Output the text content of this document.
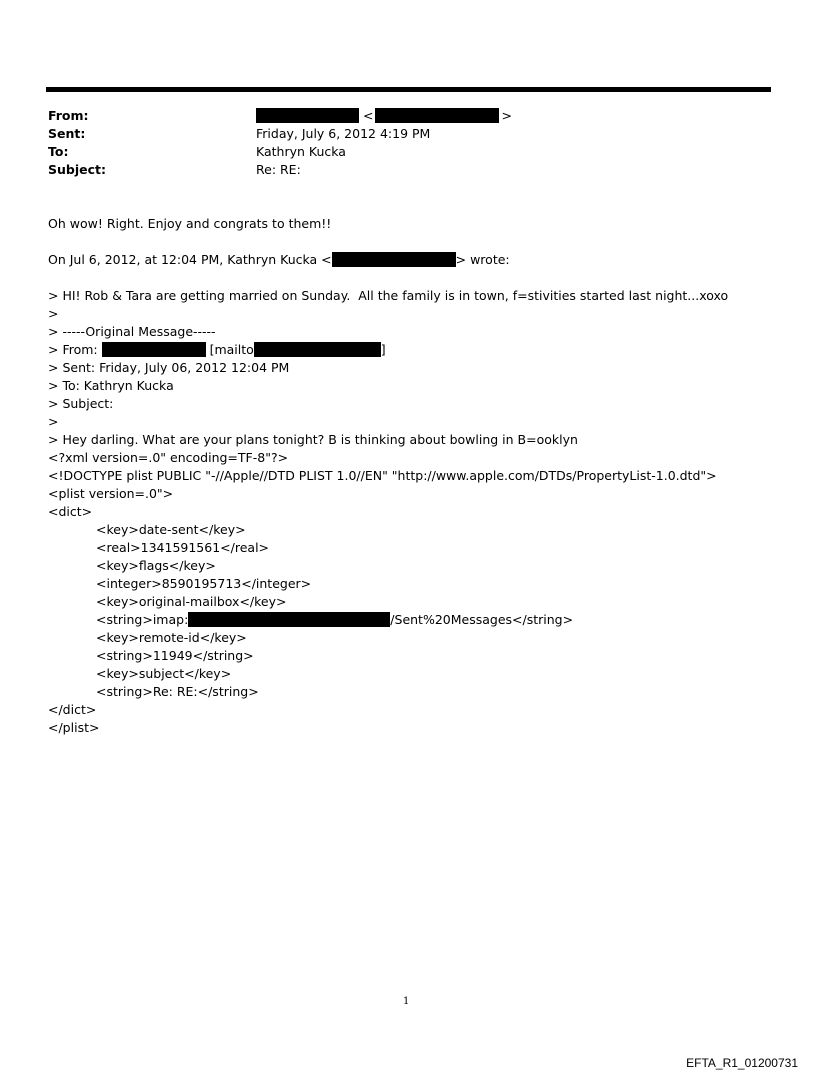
From:	<	>
Sent:	Friday, July 6, 2012 4:19 PM
To:	Kathryn Kucka
Subject:	Re: RE:
Oh wow! Right. Enjoy and congrats to them!!
On Jul 6, 2012, at 12:04 PM, Kathryn Kucka <	> wrote:
> HI! Rob & Tara are getting married on Sunday.  All the family is in town, f=stivities started last night...xoxo
>
> -----Original Message-----
> From:	[mailto	]
> Sent: Friday, July 06, 2012 12:04 PM
> To: Kathryn Kucka
> Subject:
>
> Hey darling. What are your plans tonight? B is thinking about bowling in B=ooklyn
<?xml version=.0" encoding=TF-8"?>
<!DOCTYPE plist PUBLIC "-//Apple//DTD PLIST 1.0//EN" "http://www.apple.com/DTDs/PropertyList-1.0.dtd">
<plist version=.0">
<dict>
<key>date-sent</key>
<real>1341591561</real>
<key>flags</key>
<integer>8590195713</integer>
<key>original-mailbox</key>
<string>imap:	/Sent%20Messages</string>
<key>remote-id</key>
<string>11949</string>
<key>subject</key>
<string>Re: RE:</string>
</dict>
</plist>
1
EFTA_R1_01200731
